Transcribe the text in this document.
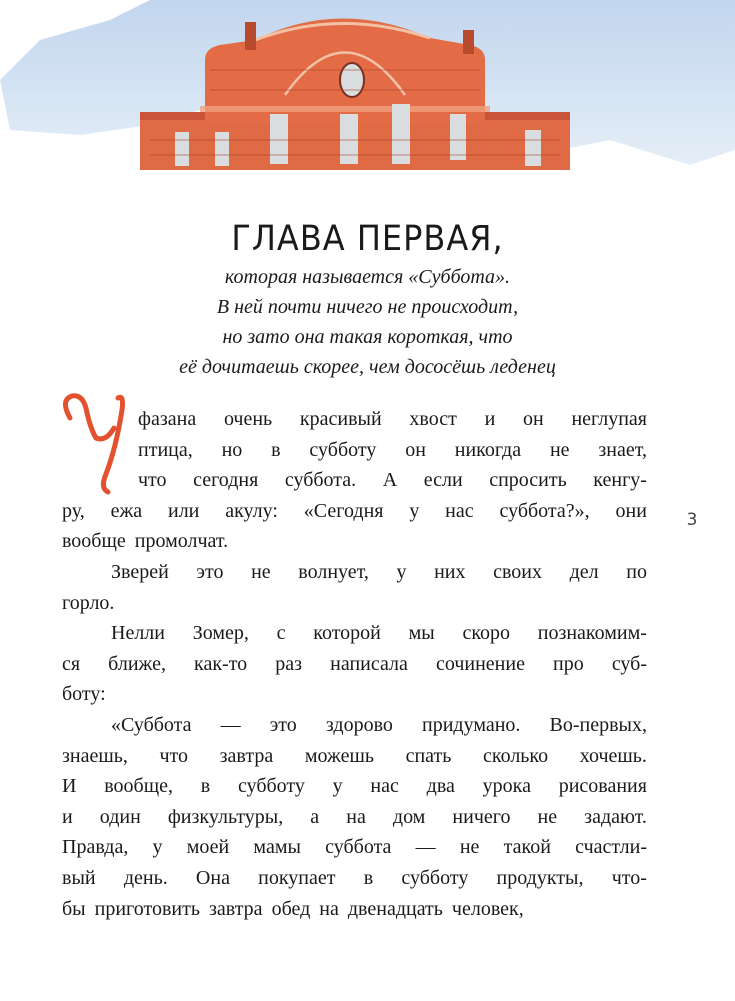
ГЛАВА ПЕРВАЯ,
которая называется «Суббота».
В ней почти ничего не происходит,
но зато она такая короткая, что
её дочитаешь скорее, чем дососёшь леденец
фазана очень красивый хвост и он неглупая
птица, но в субботу он никогда не знает,
что сегодня суббота. А если спросить кенгу-
ру, ежа или акулу: «Сегодня у нас суббота?», они
вообще промолчат.
Зверей это не волнует, у них своих дел по
горло.
Нелли Зомер, с которой мы скоро познакомим-
ся ближе, как-то раз написала сочинение про суб-
боту:
«Суббота — это здорово придумано. Во-первых,
знаешь, что завтра можешь спать сколько хочешь.
И вообще, в субботу у нас два урока рисования
и один физкультуры, а на дом ничего не задают.
Правда, у моей мамы суббота — не такой счастли-
вый день. Она покупает в субботу продукты, что-
бы приготовить завтра обед на двенадцать человек,
3
